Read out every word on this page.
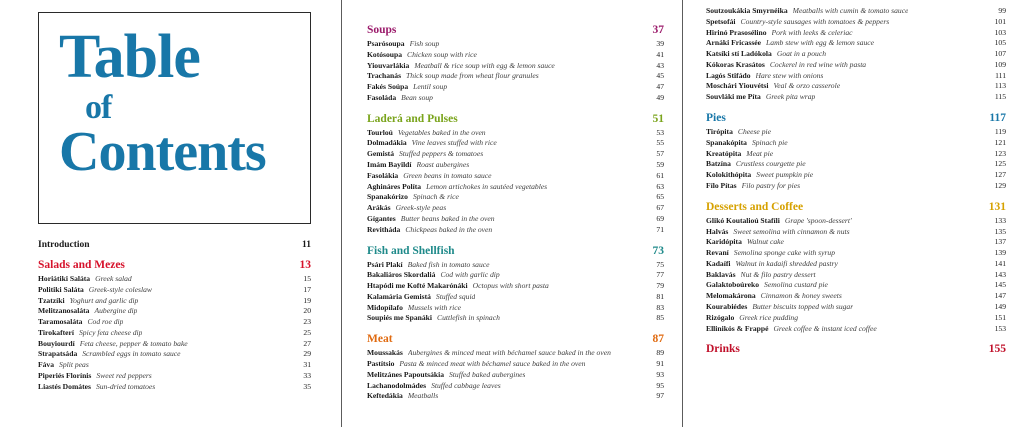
Table
of
Contents
Introduction	11
Salads and Mezes	13
Horiátiki Saláta Greek salad	15
Politiki Saláta Greek-style coleslaw	17
Tzatzíki Yoghurt and garlic dip	19
Melitzanosaláta Aubergine dip	20
Taramosaláta Cod roe dip	23
Tirokafterí Spicy feta cheese dip	25
Bouyiourdí Feta cheese, pepper & tomato bake	27
Strapatsáda Scrambled eggs in tomato sauce	29
Fáva Split peas	31
Piperiés Florínis Sweet red peppers	33
Liastés Domátes Sun-dried tomatoes	35
Soups	37
Psarósoupa Fish soup	39
Kotósoupa Chicken soup with rice	41
Yiouvarlákia Meatball & rice soup with egg & lemon sauce	43
Trachanás Thick soup made from wheat flour granules	45
Fakés Soúpa Lentil soup	47
Fasoláda Bean soup	49
Laderá and Pulses	51
Tourloú Vegetables baked in the oven	53
Dolmadákia Vine leaves stuffed with rice	55
Gemistá Stuffed peppers & tomatoes	57
Imám Bayildí Roast aubergines	59
Fasolákia Green beans in tomato sauce	61
Aghináres Políta Lemon artichokes in sautéed vegetables	63
Spanakórizo Spinach & rice	65
Arákás Greek-style peas	67
Gígantes Butter beans baked in the oven	69
Revitháda Chickpeas baked in the oven	71
Fish and Shellfish	73
Psári Plakí Baked fish in tomato sauce	75
Bakaliáros Skordaliá Cod with garlic dip	77
Htapódi me Kofté Makarónáki Octopus with short pasta	79
Kalamária Gemistá Stuffed squid	81
Midopílafo Mussels with rice	83
Soupiés me Spanáki Cuttlefish in spinach	85
Meat	87
Moussakás Aubergines & minced meat with béchamel sauce baked in the oven	89
Pastítsio Pasta & minced meat with béchamel sauce baked in the oven	91
Melitzánes Papoutsákia Stuffed baked aubergines	93
Lachanodolmádes Stuffed cabbage leaves	95
Keftedákia Meatballs	97
Soutzoukákia Smyrnéika Meatballs with cumin & tomato sauce	99
Spetsofái Country-style sausages with tomatoes & peppers	101
Hirinó Prasosélino Pork with leeks & celeriac	103
Arnáki Fricassée Lamb stew with egg & lemon sauce	105
Katsíki stí Ladókola Goat in a pouch	107
Kókoras Krasátos Cockerel in red wine with pasta	109
Lagós Stifádo Hare stew with onions	111
Moschári Yiouvétsi Veal & orzo casserole	113
Souvláki me Píta Greek pita wrap	115
Pies	117
Tirópita Cheese pie	119
Spanakópita Spinach pie	121
Kreatópita Meat pie	123
Batzína Crustless courgette pie	125
Kolokithópita Sweet pumpkin pie	127
Fílo Pítas Filo pastry for pies	129
Desserts and Coffee	131
Glikó Koutalioú Stafíli Grape 'spoon-dessert'	133
Halvás Sweet semolina with cinnamon & nuts	135
Karidópita Walnut cake	137
Revaní Semolina sponge cake with syrup	139
Kadaífi Walnut in kadaifi shredded pastry	141
Baklavás Nut & filo pastry dessert	143
Galaktoboúreko Semolina custard pie	145
Melomakárona Cinnamon & honey sweets	147
Kourabiédes Butter biscuits topped with sugar	149
Rizógalo Greek rice pudding	151
Ellinikós & Frappé Greek coffee & instant iced coffee	153
Drinks	155
